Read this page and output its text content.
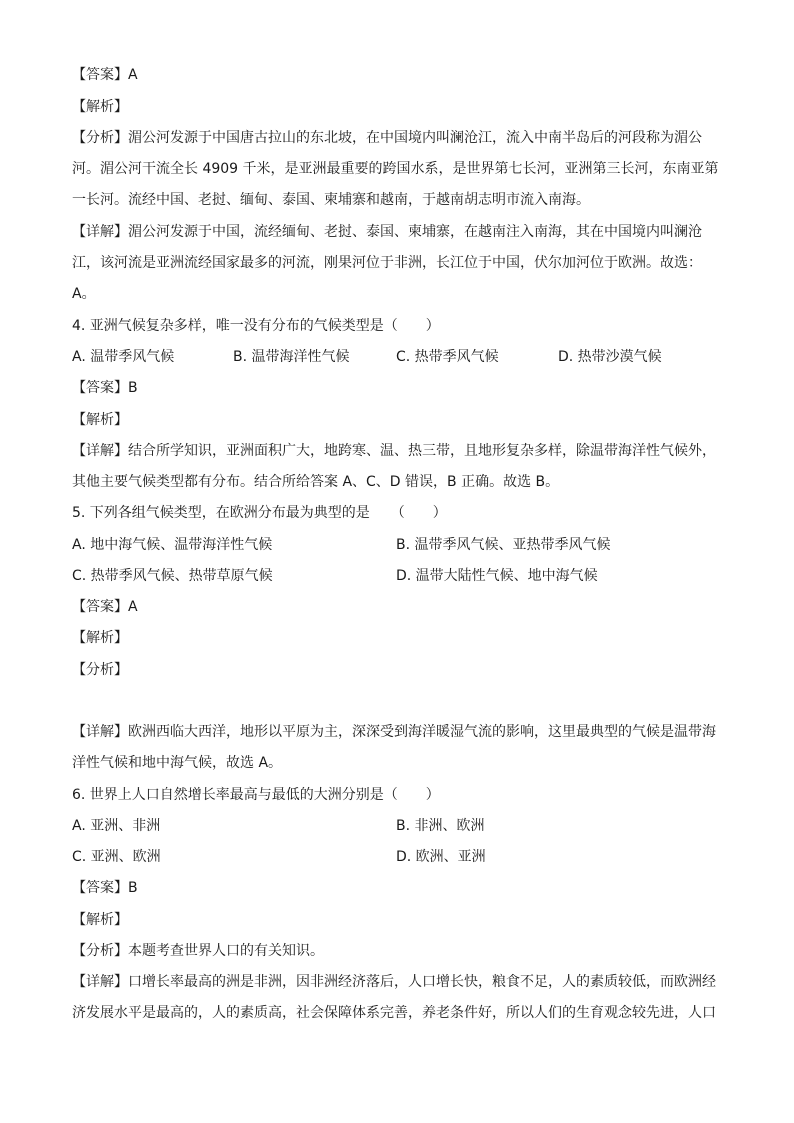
【答案】A
【解析】
【分析】湄公河发源于中国唐古拉山的东北坡，在中国境内叫澜沧江，流入中南半岛后的河段称为湄公
河。湄公河干流全长 4909 千米，是亚洲最重要的跨国水系，是世界第七长河，亚洲第三长河，东南亚第
一长河。流经中国、老挝、缅甸、泰国、柬埔寨和越南，于越南胡志明市流入南海。
【详解】湄公河发源于中国，流经缅甸、老挝、泰国、柬埔寨，在越南注入南海，其在中国境内叫澜沧
江，该河流是亚洲流经国家最多的河流，刚果河位于非洲，长江位于中国，伏尔加河位于欧洲。故选：
A。
4. 亚洲气候复杂多样，唯一没有分布的气候类型是（　　）
A. 温带季风气候	B. 温带海洋性气候	C. 热带季风气候	D. 热带沙漠气候
【答案】B
【解析】
【详解】结合所学知识，亚洲面积广大，地跨寒、温、热三带，且地形复杂多样，除温带海洋性气候外，
其他主要气候类型都有分布。结合所给答案 A、C、D 错误，B 正确。故选 B。
5. 下列各组气候类型，在欧洲分布最为典型的是　　（　　）
A. 地中海气候、温带海洋性气候	B. 温带季风气候、亚热带季风气候
C. 热带季风气候、热带草原气候	D. 温带大陆性气候、地中海气候
【答案】A
【解析】
【分析】
【详解】欧洲西临大西洋，地形以平原为主，深深受到海洋暖湿气流的影响，这里最典型的气候是温带海
洋性气候和地中海气候，故选 A。
6. 世界上人口自然增长率最高与最低的大洲分别是（　　）
A. 亚洲、非洲	B. 非洲、欧洲
C. 亚洲、欧洲	D. 欧洲、亚洲
【答案】B
【解析】
【分析】本题考查世界人口的有关知识。
【详解】口增长率最高的洲是非洲，因非洲经济落后，人口增长快，粮食不足，人的素质较低，而欧洲经
济发展水平是最高的，人的素质高，社会保障体系完善，养老条件好，所以人们的生育观念较先进，人口
